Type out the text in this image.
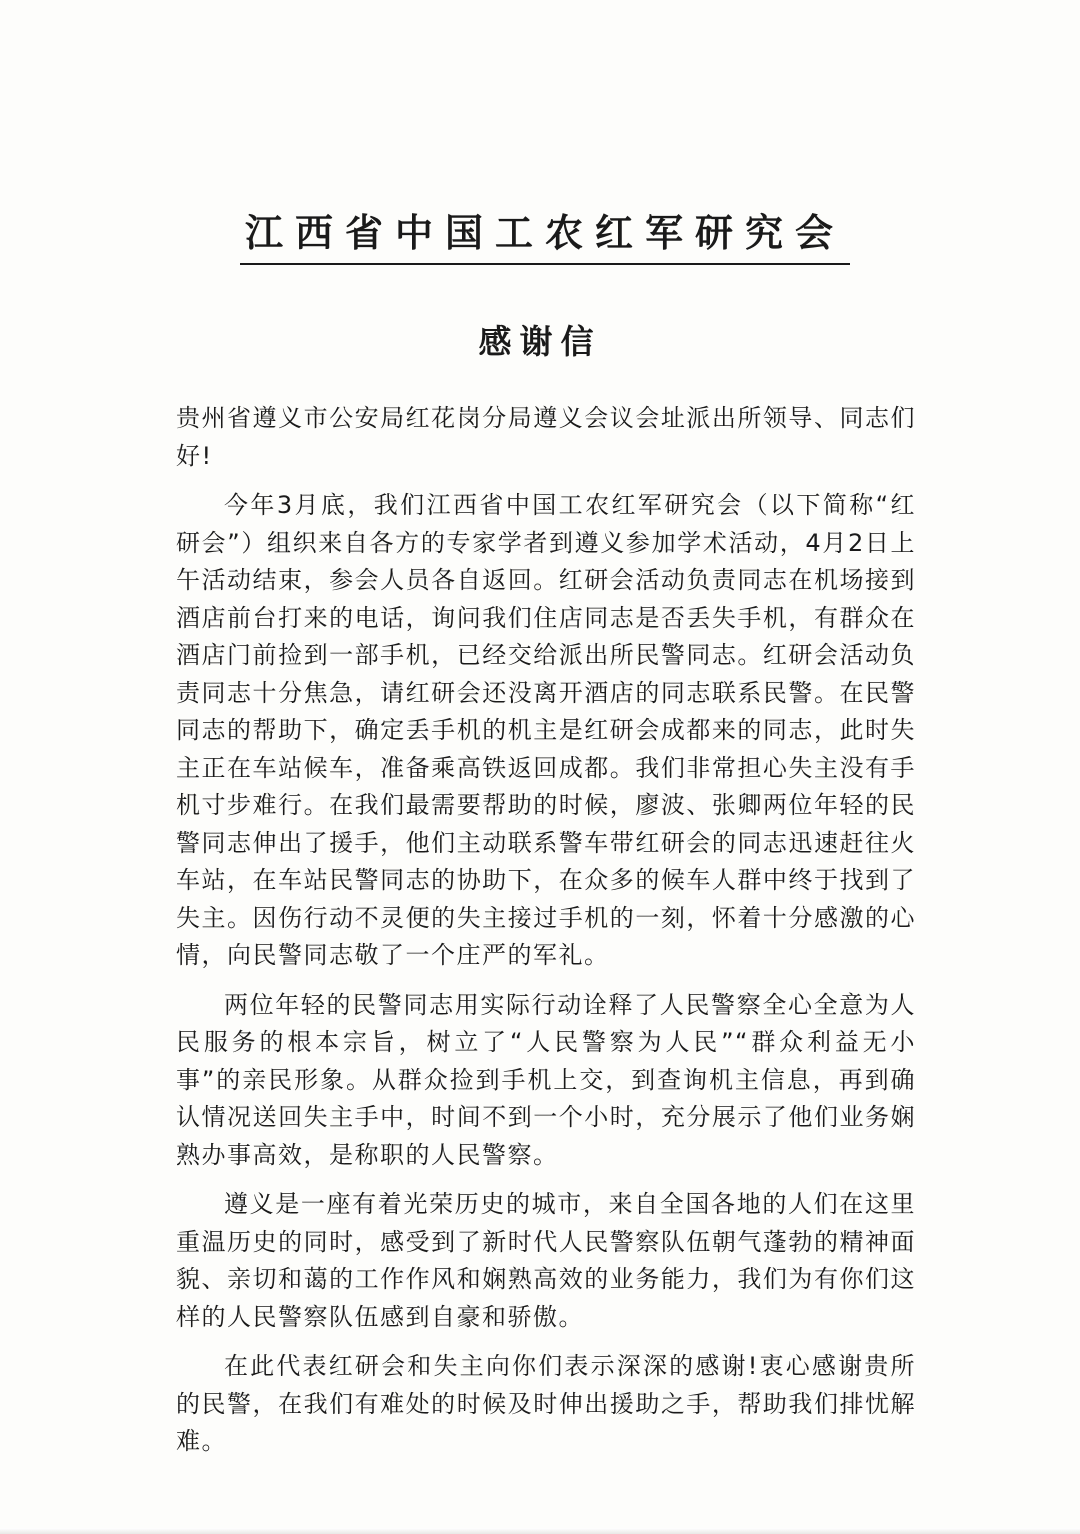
江西省中国工农红军研究会
感谢信

贵州省遵义市公安局红花岗分局遵义会议会址派出所领导、同志们好!

今年3月底，我们江西省中国工农红军研究会（以下简称“红研会”）组织来自各方的专家学者到遵义参加学术活动，4月2日上午活动结束，参会人员各自返回。红研会活动负责同志在机场接到酒店前台打来的电话，询问我们住店同志是否丢失手机，有群众在酒店门前捡到一部手机，已经交给派出所民警同志。红研会活动负责同志十分焦急，请红研会还没离开酒店的同志联系民警。在民警同志的帮助下，确定丢手机的机主是红研会成都来的同志，此时失主正在车站候车，准备乘高铁返回成都。我们非常担心失主没有手机寸步难行。在我们最需要帮助的时候，廖波、张卿两位年轻的民警同志伸出了援手，他们主动联系警车带红研会的同志迅速赶往火车站，在车站民警同志的协助下，在众多的候车人群中终于找到了失主。因伤行动不灵便的失主接过手机的一刻，怀着十分感激的心情，向民警同志敬了一个庄严的军礼。

两位年轻的民警同志用实际行动诠释了人民警察全心全意为人民服务的根本宗旨，树立了“人民警察为人民”“群众利益无小事”的亲民形象。从群众捡到手机上交，到查询机主信息，再到确认情况送回失主手中，时间不到一个小时，充分展示了他们业务娴熟办事高效，是称职的人民警察。

遵义是一座有着光荣历史的城市，来自全国各地的人们在这里重温历史的同时，感受到了新时代人民警察队伍朝气蓬勃的精神面貌、亲切和蔼的工作作风和娴熟高效的业务能力，我们为有你们这样的人民警察队伍感到自豪和骄傲。

在此代表红研会和失主向你们表示深深的感谢!衷心感谢贵所的民警，在我们有难处的时候及时伸出援助之手，帮助我们排忧解难。
